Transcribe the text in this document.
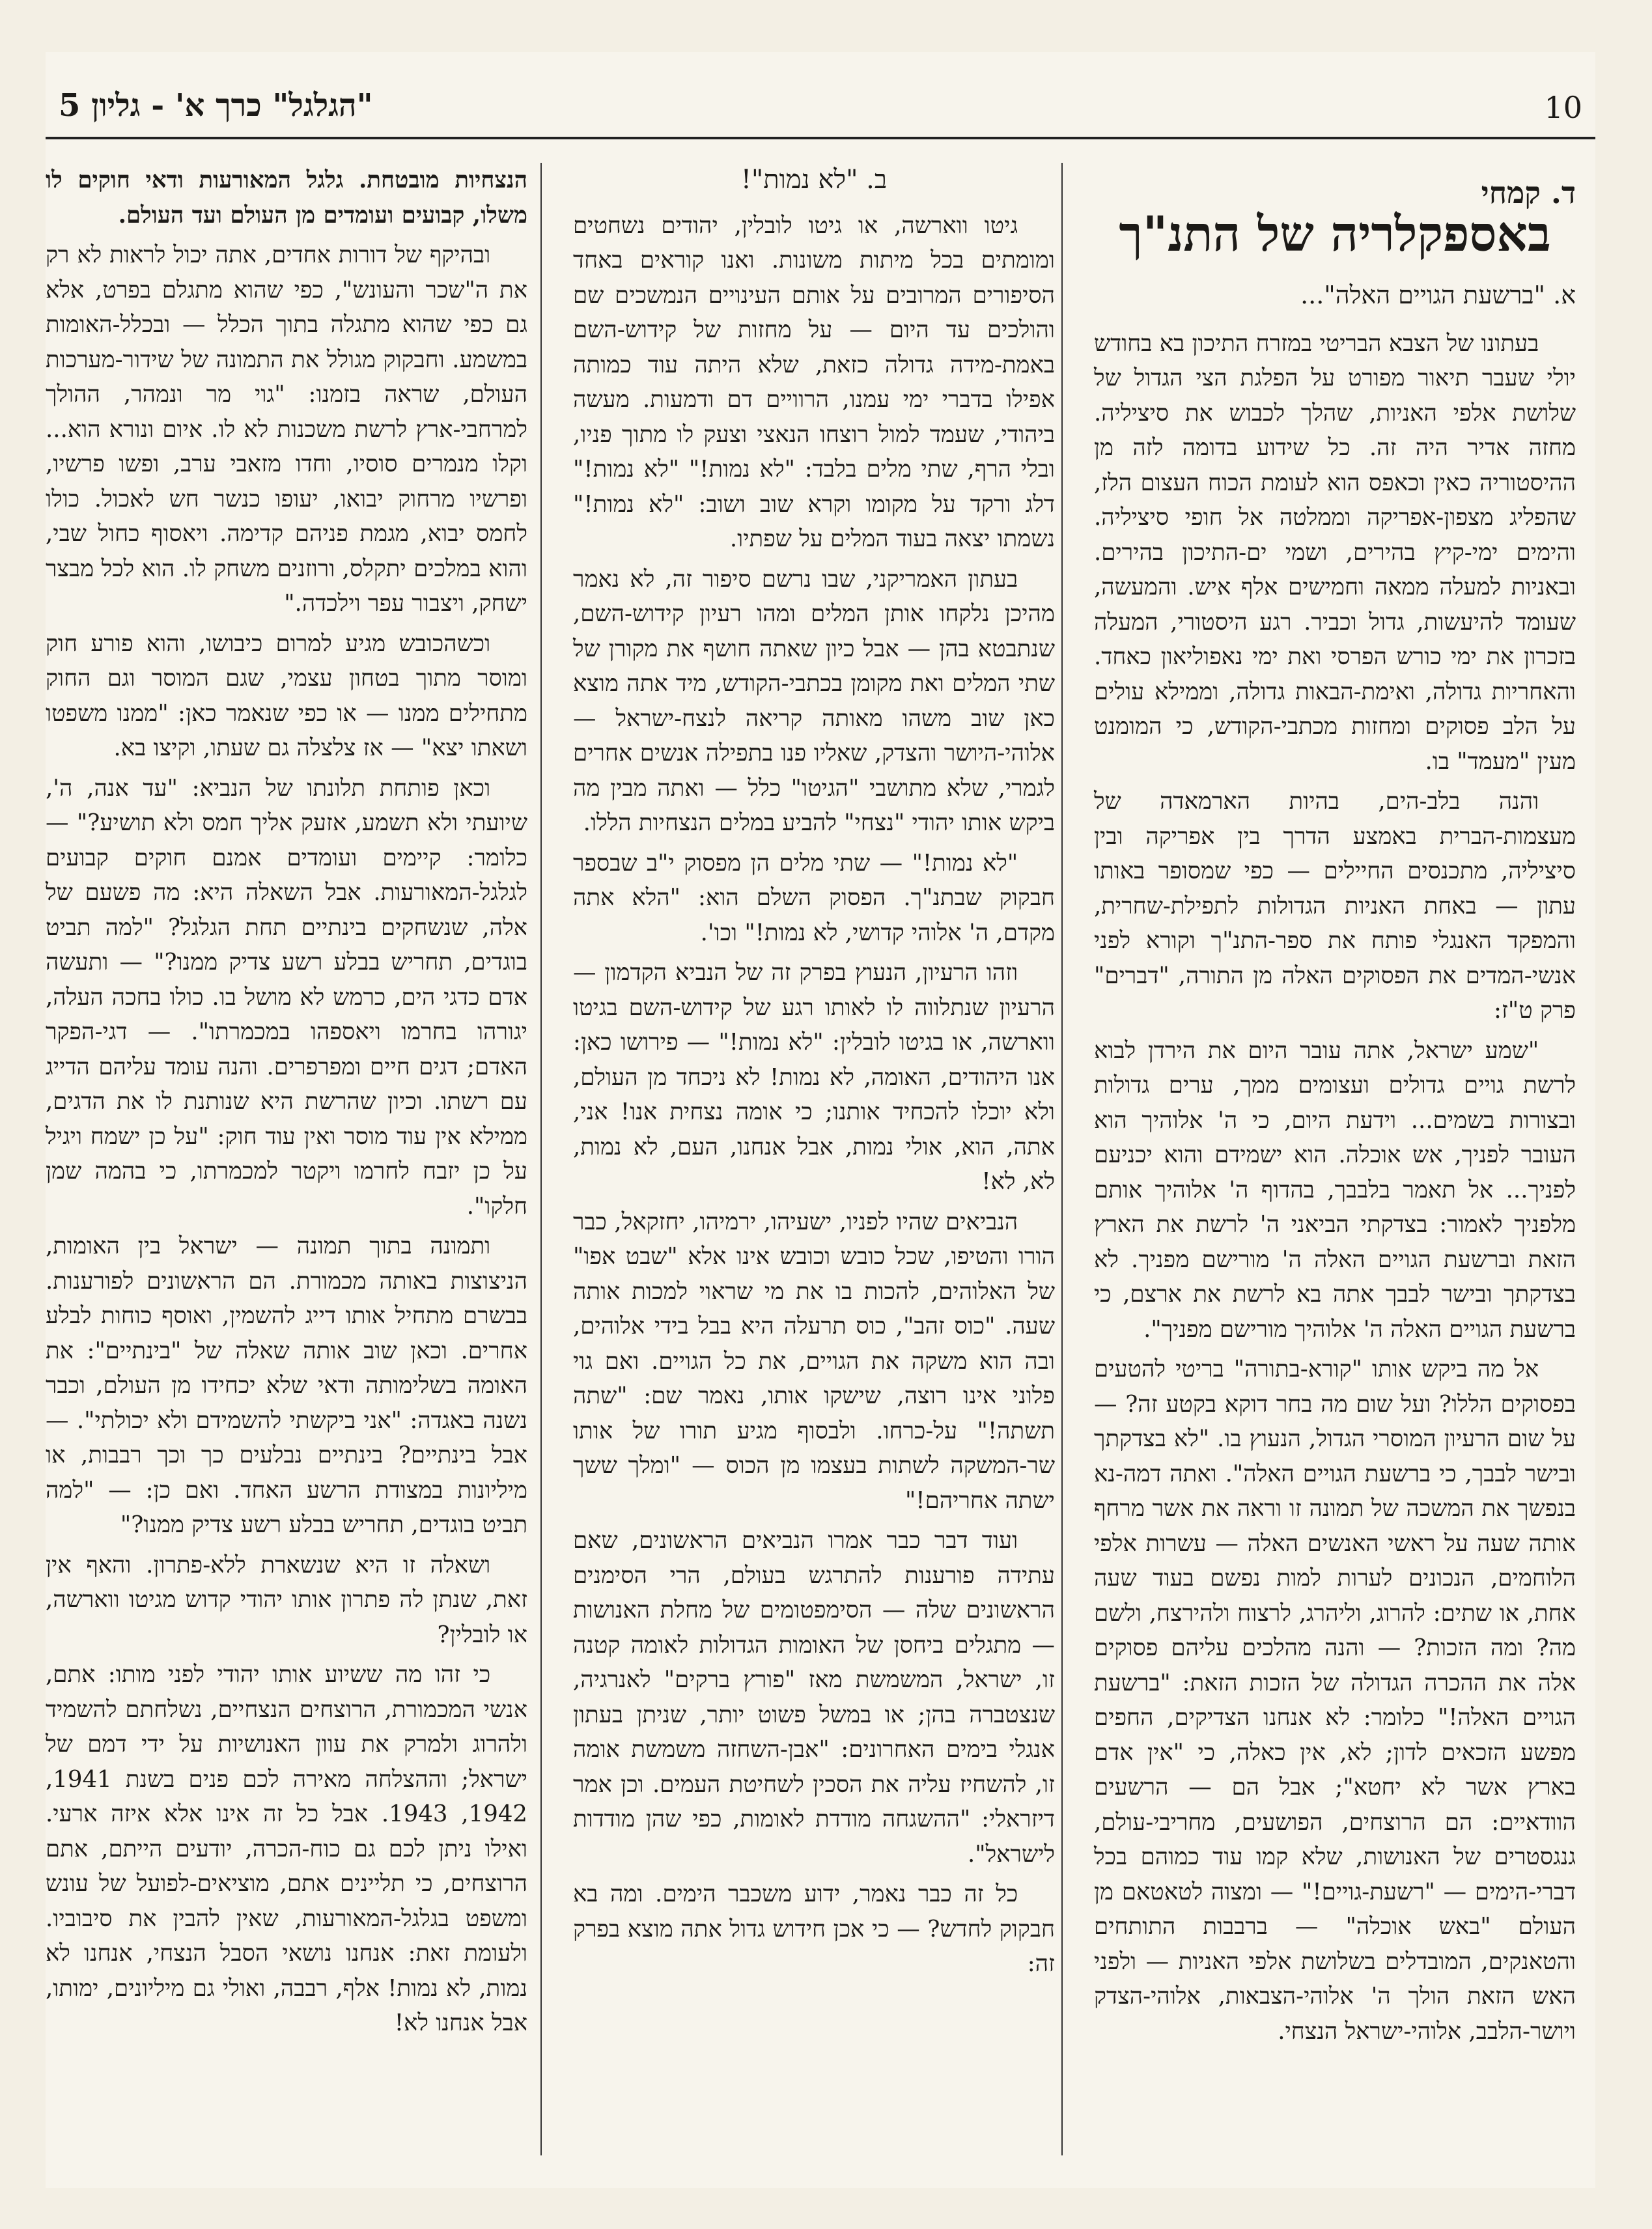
10
"הגלגל" כרך א' - גליון 5
ד. קמחי
באספקלריה של התנ"ך
א. "ברשעת הגויים האלה"...

בעתונו של הצבא הבריטי במזרח התיכון בא בחודש יולי שעבר תיאור מפורט על הפלגת הצי הגדול של שלושת אלפי האניות, שהלך לכבוש את סיציליה. מחזה אדיר היה זה. כל שידוע בדומה לזה מן ההיסטוריה כאין וכאפס הוא לעומת הכוח העצום הלז, שהפליג מצפון-אפריקה וממלטה אל חופי סיציליה. והימים ימי-קיץ בהירים, ושמי ים-התיכון בהירים. ובאניות למעלה ממאה וחמישים אלף איש. והמעשה, שעומד להיעשות, גדול וכביר. רגע היסטורי, המעלה בזכרון את ימי כורש הפרסי ואת ימי נאפוליאון כאחד. והאחריות גדולה, ואימת-הבאות גדולה, וממילא עולים על הלב פסוקים ומחזות מכתבי-הקודש, כי המומנט מעין "מעמד" בו.

והנה בלב-הים, בהיות הארמאדה של מעצמות-הברית באמצע הדרך בין אפריקה ובין סיציליה, מתכנסים החיילים — כפי שמסופר באותו עתון — באחת האניות הגדולות לתפילת-שחרית, והמפקד האנגלי פותח את ספר-התנ"ך וקורא לפני אנשי-המדים את הפסוקים האלה מן התורה, "דברים" פרק ט"ז:

"שמע ישראל, אתה עובר היום את הירדן לבוא לרשת גויים גדולים ועצומים ממך, ערים גדולות ובצורות בשמים... וידעת היום, כי ה' אלוהיך הוא העובר לפניך, אש אוכלה. הוא ישמידם והוא יכניעם לפניך... אל תאמר בלבבך, בהדוף ה' אלוהיך אותם מלפניך לאמור: בצדקתי הביאני ה' לרשת את הארץ הזאת וברשעת הגויים האלה ה' מורישם מפניך. לא בצדקתך ובישר לבבך אתה בא לרשת את ארצם, כי ברשעת הגויים האלה ה' אלוהיך מורישם מפניך".

אל מה ביקש אותו "קורא-בתורה" בריטי להטעים בפסוקים הללו? ועל שום מה בחר דוקא בקטע זה? — על שום הרעיון המוסרי הגדול, הנעוץ בו. "לא בצדקתך ובישר לבבך, כי ברשעת הגויים האלה". ואתה דמה-נא בנפשך את המשכה של תמונה זו וראה את אשר מרחף אותה שעה על ראשי האנשים האלה — עשרות אלפי הלוחמים, הנכונים לערות למות נפשם בעוד שעה אחת, או שתים: להרוג, וליהרג, לרצוח ולהירצח, ולשם מה? ומה הזכות? — והנה מהלכים עליהם פסוקים אלה את ההכרה הגדולה של הזכות הזאת: "ברשעת הגויים האלה!" כלומר: לא אנחנו הצדיקים, החפים מפשע הזכאים לדון; לא, אין כאלה, כי "אין אדם בארץ אשר לא יחטא"; אבל הם — הרשעים הוודאיים: הם הרוצחים, הפושעים, מחריבי-עולם, גנגסטרים של האנושות, שלא קמו עוד כמוהם בכל דברי-הימים — "רשעת-גויים!" — ומצוה לטאטאם מן העולם "באש אוכלה" — ברבבות התותחים והטאנקים, המובדלים בשלושת אלפי האניות — ולפני האש הזאת הולך ה' אלוהי-הצבאות, אלוהי-הצדק ויושר-הלבב, אלוהי-ישראל הנצחי.

ב. "לא נמות"!

גיטו ווארשה, או גיטו לובלין, יהודים נשחטים ומומתים בכל מיתות משונות. ואנו קוראים באחד הסיפורים המרובים על אותם העינויים הנמשכים שם והולכים עד היום — על מחזות של קידוש-השם באמת-מידה גדולה כזאת, שלא היתה עוד כמותה אפילו בדברי ימי עמנו, הרוויים דם ודמעות. מעשה ביהודי, שעמד למול רוצחו הנאצי וצעק לו מתוך פניו, ובלי הרף, שתי מלים בלבד: "לא נמות!" "לא נמות!" דלג ורקד על מקומו וקרא שוב ושוב: "לא נמות!" נשמתו יצאה בעוד המלים על שפתיו.

בעתון האמריקני, שבו נרשם סיפור זה, לא נאמר מהיכן נלקחו אותן המלים ומהו רעיון קידוש-השם, שנתבטא בהן — אבל כיון שאתה חושף את מקורן של שתי המלים ואת מקומן בכתבי-הקודש, מיד אתה מוצא כאן שוב משהו מאותה קריאה לנצח-ישראל — אלוהי-היושר והצדק, שאליו פנו בתפילה אנשים אחרים לגמרי, שלא מתושבי "הגיטו" כלל — ואתה מבין מה ביקש אותו יהודי "נצחי" להביע במלים הנצחיות הללו.

"לא נמות!" — שתי מלים הן מפסוק י"ב שבספר חבקוק שבתנ"ך. הפסוק השלם הוא: "הלא אתה מקדם, ה' אלוהי קדושי, לא נמות!" וכו'.

וזהו הרעיון, הנעוץ בפרק זה של הנביא הקדמון — הרעיון שנתלווה לו לאותו רגע של קידוש-השם בגיטו ווארשה, או בגיטו לובלין: "לא נמות!" — פירושו כאן: אנו היהודים, האומה, לא נמות! לא ניכחד מן העולם, ולא יוכלו להכחיד אותנו; כי אומה נצחית אנו! אני, אתה, הוא, אולי נמות, אבל אנחנו, העם, לא נמות, לא, לא!

הנביאים שהיו לפניו, ישעיהו, ירמיהו, יחזקאל, כבר הורו והטיפו, שכל כובש וכובש אינו אלא "שבט אפו" של האלוהים, להכות בו את מי שראוי למכות אותה שעה. "כוס זהב", כוס תרעלה היא בבל בידי אלוהים, ובה הוא משקה את הגויים, את כל הגויים. ואם גוי פלוני אינו רוצה, שישקו אותו, נאמר שם: "שתה תשתה!" על-כרחו. ולבסוף מגיע תורו של אותו שר-המשקה לשתות בעצמו מן הכוס — "ומלך ששך ישתה אחריהם!"

ועוד דבר כבר אמרו הנביאים הראשונים, שאם עתידה פורענות להתרגש בעולם, הרי הסימנים הראשונים שלה — הסימפטומים של מחלת האנושות — מתגלים ביחסן של האומות הגדולות לאומה קטנה זו, ישראל, המשמשת מאז "פורץ ברקים" לאנרגיה, שנצטברה בהן; או במשל פשוט יותר, שניתן בעתון אנגלי בימים האחרונים: "אבן-השחזה משמשת אומה זו, להשחיז עליה את הסכין לשחיטת העמים. וכן אמר דיזראלי: "ההשגחה מודדת לאומות, כפי שהן מודדות לישראל".

כל זה כבר נאמר, ידוע משכבר הימים. ומה בא חבקוק לחדש? — כי אכן חידוש גדול אתה מוצא בפרק זה:

הנצחיות מובטחת. גלגל המאורעות ודאי חוקים לו משלו, קבועים ועומדים מן העולם ועד העולם.

ובהיקף של דורות אחדים, אתה יכול לראות לא רק את ה"שכר והעונש", כפי שהוא מתגלם בפרט, אלא גם כפי שהוא מתגלה בתוך הכלל — ובכלל-האומות במשמע. וחבקוק מגולל את התמונה של שידור-מערכות העולם, שראה בזמנו: "גוי מר ונמהר, ההולך למרחבי-ארץ לרשת משכנות לא לו. איום ונורא הוא... וקלו מנמרים סוסיו, וחדו מזאבי ערב, ופשו פרשיו, ופרשיו מרחוק יבואו, יעופו כנשר חש לאכול. כולו לחמס יבוא, מגמת פניהם קדימה. ויאסוף כחול שבי, והוא במלכים יתקלס, ורוזנים משחק לו. הוא לכל מבצר ישחק, ויצבור עפר וילכדה."

וכשהכובש מגיע למרום כיבושו, והוא פורע חוק ומוסר מתוך בטחון עצמי, שגם המוסר וגם החוק מתחילים ממנו — או כפי שנאמר כאן: "ממנו משפטו ושאתו יצא" — אז צלצלה גם שעתו, וקיצו בא.

וכאן פותחת תלונתו של הנביא: "עד אנה, ה', שיועתי ולא תשמע, אזעק אליך חמס ולא תושיע?" — כלומר: קיימים ועומדים אמנם חוקים קבועים לגלגל-המאורעות. אבל השאלה היא: מה פשעם של אלה, שנשחקים בינתיים תחת הגלגל? "למה תביט בוגדים, תחריש בבלע רשע צדיק ממנו?" — ותעשה אדם כדגי הים, כרמש לא מושל בו. כולו בחכה העלה, יגורהו בחרמו ויאספהו במכמרתו". — דגי-הפקר האדם; דגים חיים ומפרפרים. והנה עומד עליהם הדייג עם רשתו. וכיון שהרשת היא שנותנת לו את הדגים, ממילא אין עוד מוסר ואין עוד חוק: "על כן ישמח ויגיל על כן יזבח לחרמו ויקטר למכמרתו, כי בהמה שמן חלקו".

ותמונה בתוך תמונה — ישראל בין האומות, הניצוצות באותה מכמורת. הם הראשונים לפורענות. בבשרם מתחיל אותו דייג להשמין, ואוסף כוחות לבלע אחרים. וכאן שוב אותה שאלה של "בינתיים": את האומה בשלימותה ודאי שלא יכחידו מן העולם, וכבר נשנה באגדה: "אני ביקשתי להשמידם ולא יכולתי". — אבל בינתיים? בינתיים נבלעים כך וכך רבבות, או מיליונות במצודת הרשע האחד. ואם כן: — "למה תביט בוגדים, תחריש בבלע רשע צדיק ממנו?"

ושאלה זו היא שנשארת ללא-פתרון. והאף אין זאת, שנתן לה פתרון אותו יהודי קדוש מגיטו ווארשה, או לובלין?

כי זהו מה ששיוע אותו יהודי לפני מותו: אתם, אנשי המכמורת, הרוצחים הנצחיים, נשלחתם להשמיד ולהרוג ולמרק את עוון האנושיות על ידי דמם של ישראל; וההצלחה מאירה לכם פנים בשנת 1941, 1942, 1943. אבל כל זה אינו אלא איזה ארעי. ואילו ניתן לכם גם כוח-הכרה, יודעים הייתם, אתם הרוצחים, כי תליינים אתם, מוציאים-לפועל של עונש ומשפט בגלגל-המאורעות, שאין להבין את סיבוביו. ולעומת זאת: אנחנו נושאי הסבל הנצחי, אנחנו לא נמות, לא נמות! אלף, רבבה, ואולי גם מיליונים, ימותו, אבל אנחנו לא!
